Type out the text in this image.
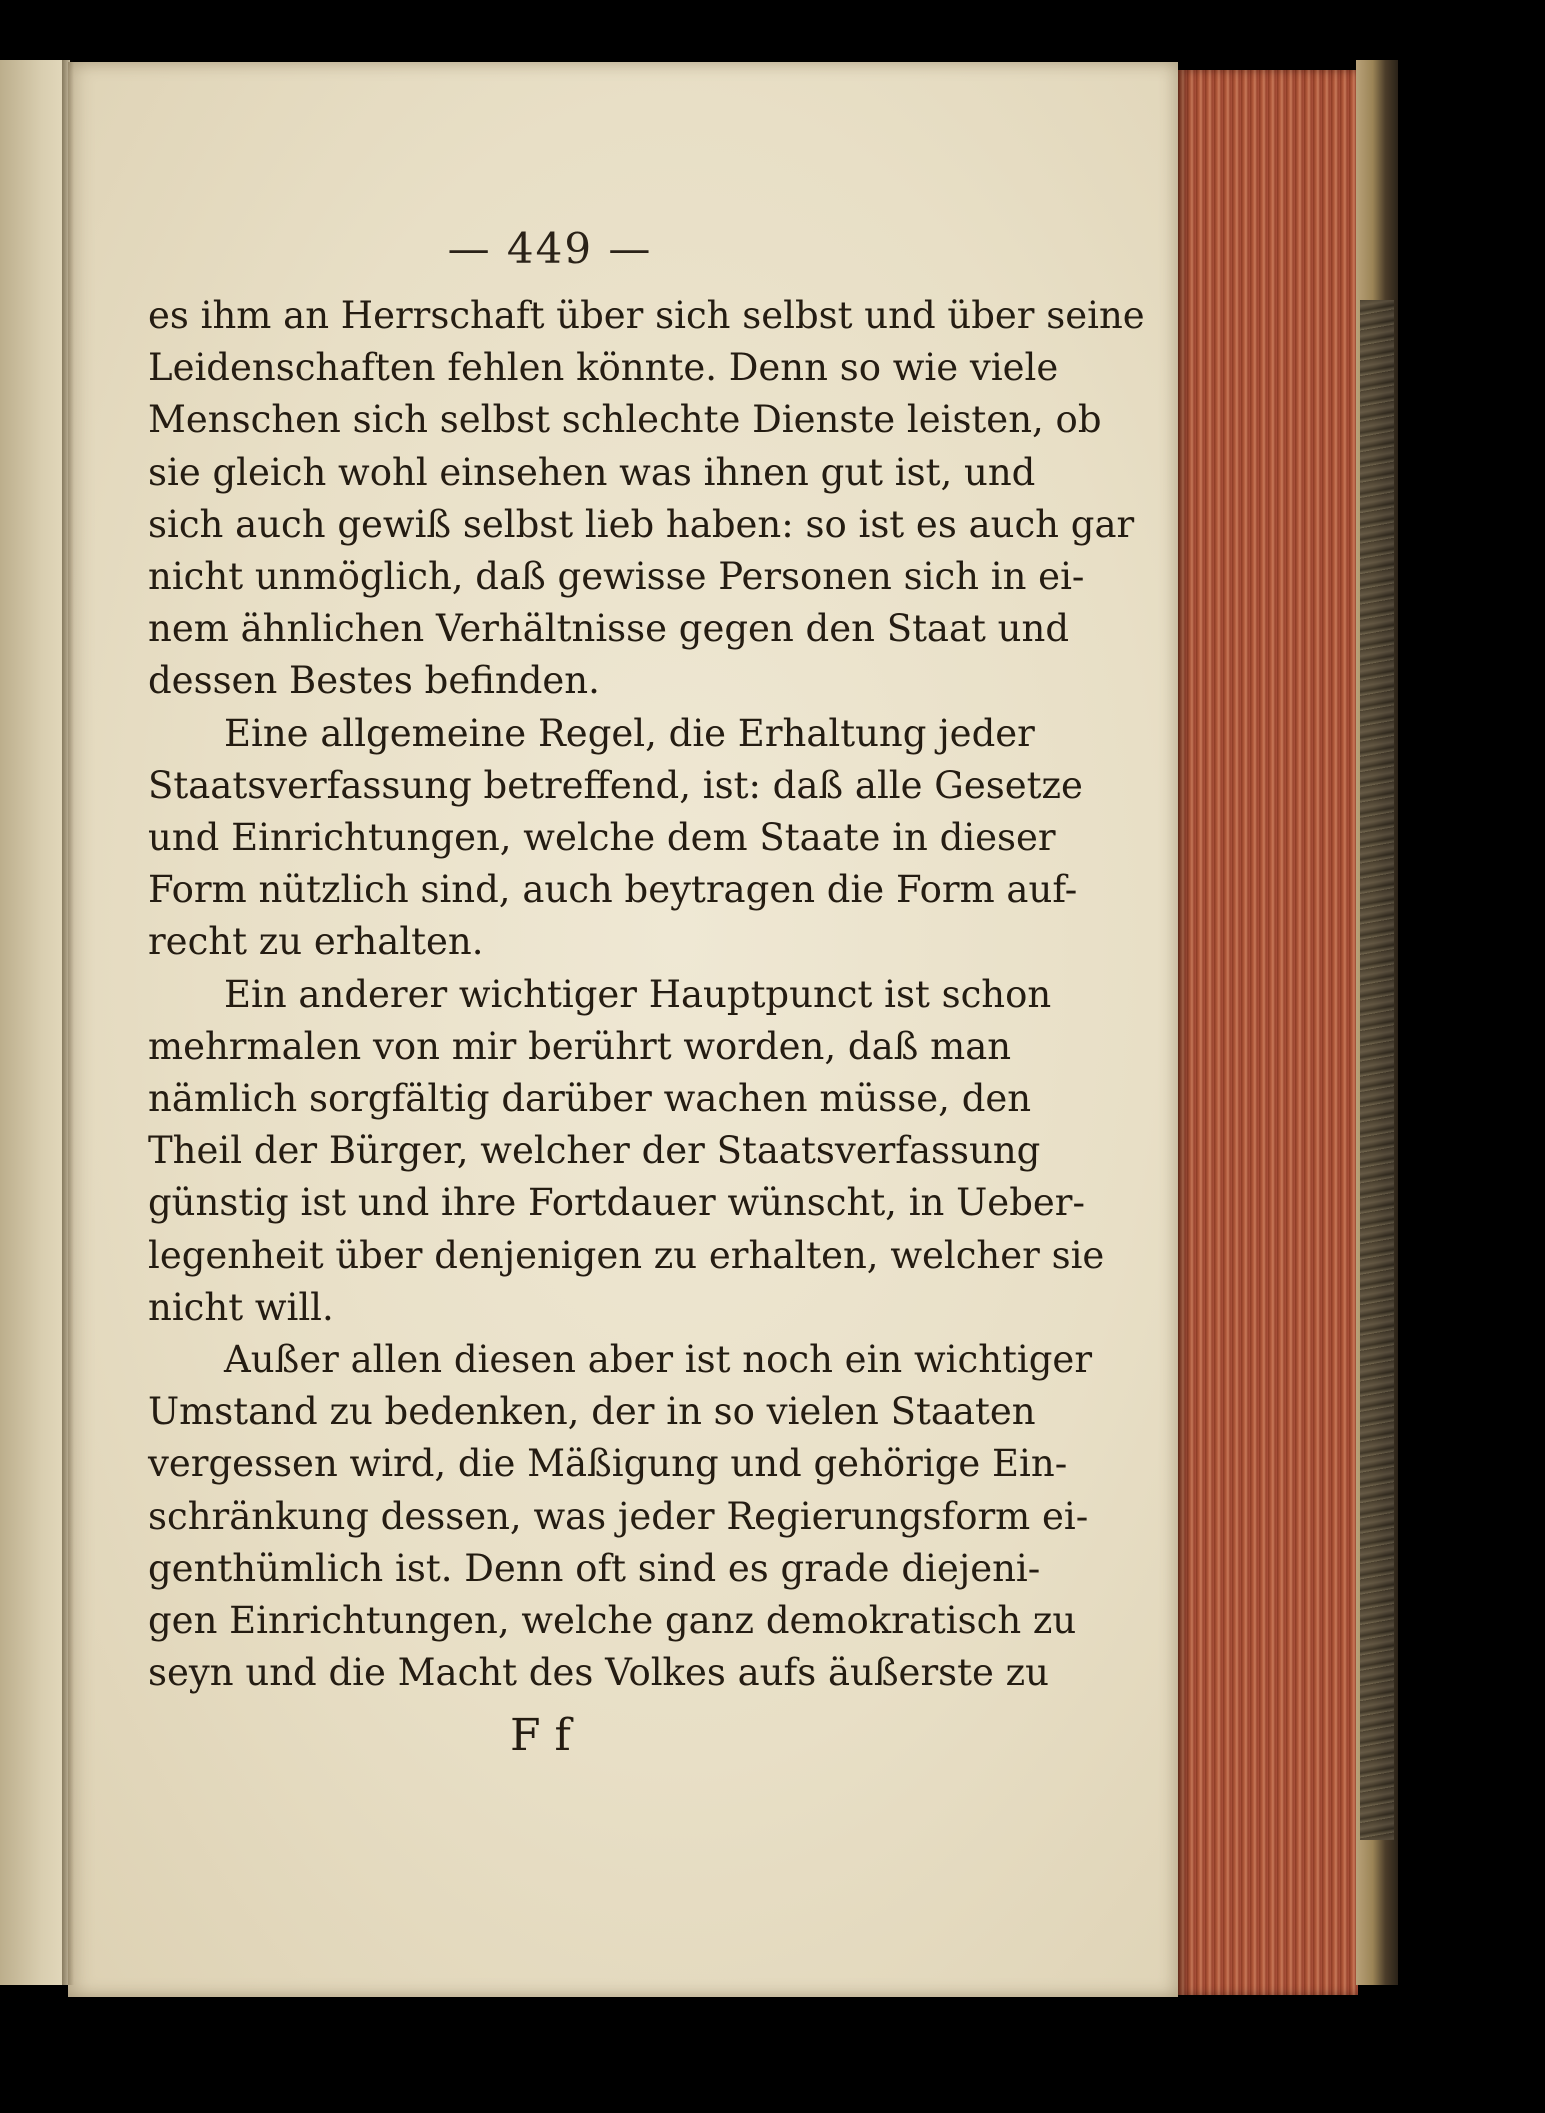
— 449 —
es ihm an Herrschaft über sich selbst und über seine
Leidenschaften fehlen könnte. Denn so wie viele
Menschen sich selbst schlechte Dienste leisten, ob
sie gleich wohl einsehen was ihnen gut ist, und
sich auch gewiß selbst lieb haben: so ist es auch gar
nicht unmöglich, daß gewisse Personen sich in ei-
nem ähnlichen Verhältnisse gegen den Staat und
dessen Bestes befinden.
Eine allgemeine Regel, die Erhaltung jeder
Staatsverfassung betreffend, ist: daß alle Gesetze
und Einrichtungen, welche dem Staate in dieser
Form nützlich sind, auch beytragen die Form auf-
recht zu erhalten.
Ein anderer wichtiger Hauptpunct ist schon
mehrmalen von mir berührt worden, daß man
nämlich sorgfältig darüber wachen müsse, den
Theil der Bürger, welcher der Staatsverfassung
günstig ist und ihre Fortdauer wünscht, in Ueber-
legenheit über denjenigen zu erhalten, welcher sie
nicht will.
Außer allen diesen aber ist noch ein wichtiger
Umstand zu bedenken, der in so vielen Staaten
vergessen wird, die Mäßigung und gehörige Ein-
schränkung dessen, was jeder Regierungsform ei-
genthümlich ist. Denn oft sind es grade diejeni-
gen Einrichtungen, welche ganz demokratisch zu
seyn und die Macht des Volkes aufs äußerste zu
F f
